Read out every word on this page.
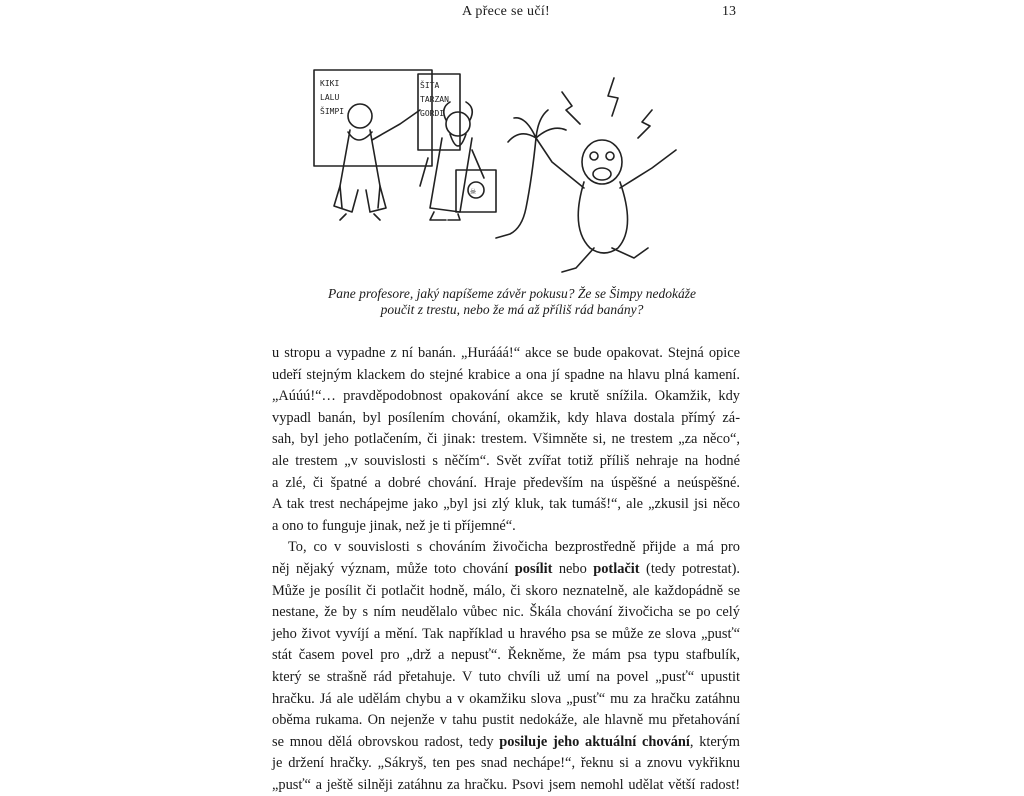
A přece se učí!	13
KIKI
LALU
ŠIMPI
ŠITA
TARZAN
GORDI
☠
Pane profesore, jaký napíšeme závěr pokusu? Že se Šimpy nedokáže
poučit z trestu, nebo že má až příliš rád banány?
u stropu a vypadne z ní banán. „Hurááá!“ akce se bude opakovat. Stejná opice
udeří stejným klackem do stejné krabice a ona jí spadne na hlavu plná kamení.
„Aúúú!“… pravděpodobnost opakování akce se krutě snížila. Okamžik, kdy
vypadl banán, byl posílením chování, okamžik, kdy hlava dostala přímý zá-
sah, byl jeho potlačením, či jinak: trestem. Všimněte si, ne trestem „za něco“,
ale trestem „v souvislosti s něčím“. Svět zvířat totiž příliš nehraje na hodné
a zlé, či špatné a dobré chování. Hraje především na úspěšné a neúspěšné.
A tak trest nechápejme jako „byl jsi zlý kluk, tak tumáš!“, ale „zkusil jsi něco
a ono to funguje jinak, než je ti příjemné“.
To, co v souvislosti s chováním živočicha bezprostředně přijde a má pro
něj nějaký význam, může toto chování posílit nebo potlačit (tedy potrestat).
Může je posílit či potlačit hodně, málo, či skoro neznatelně, ale každopádně se
nestane, že by s ním neudělalo vůbec nic. Škála chování živočicha se po celý
jeho život vyvíjí a mění. Tak například u hravého psa se může ze slova „pusť“
stát časem povel pro „drž a nepusť“. Řekněme, že mám psa typu stafbulík,
který se strašně rád přetahuje. V tuto chvíli už umí na povel „pusť“ upustit
hračku. Já ale udělám chybu a v okamžiku slova „pusť“ mu za hračku zatáhnu
oběma rukama. On nejenže v tahu pustit nedokáže, ale hlavně mu přetahování
se mnou dělá obrovskou radost, tedy posiluje jeho aktuální chování, kterým
je držení hračky. „Sákryš, ten pes snad nechápe!“, řeknu si a znovu vykřiknu
„pusť“ a ještě silněji zatáhnu za hračku. Psovi jsem nemohl udělat větší radost!
